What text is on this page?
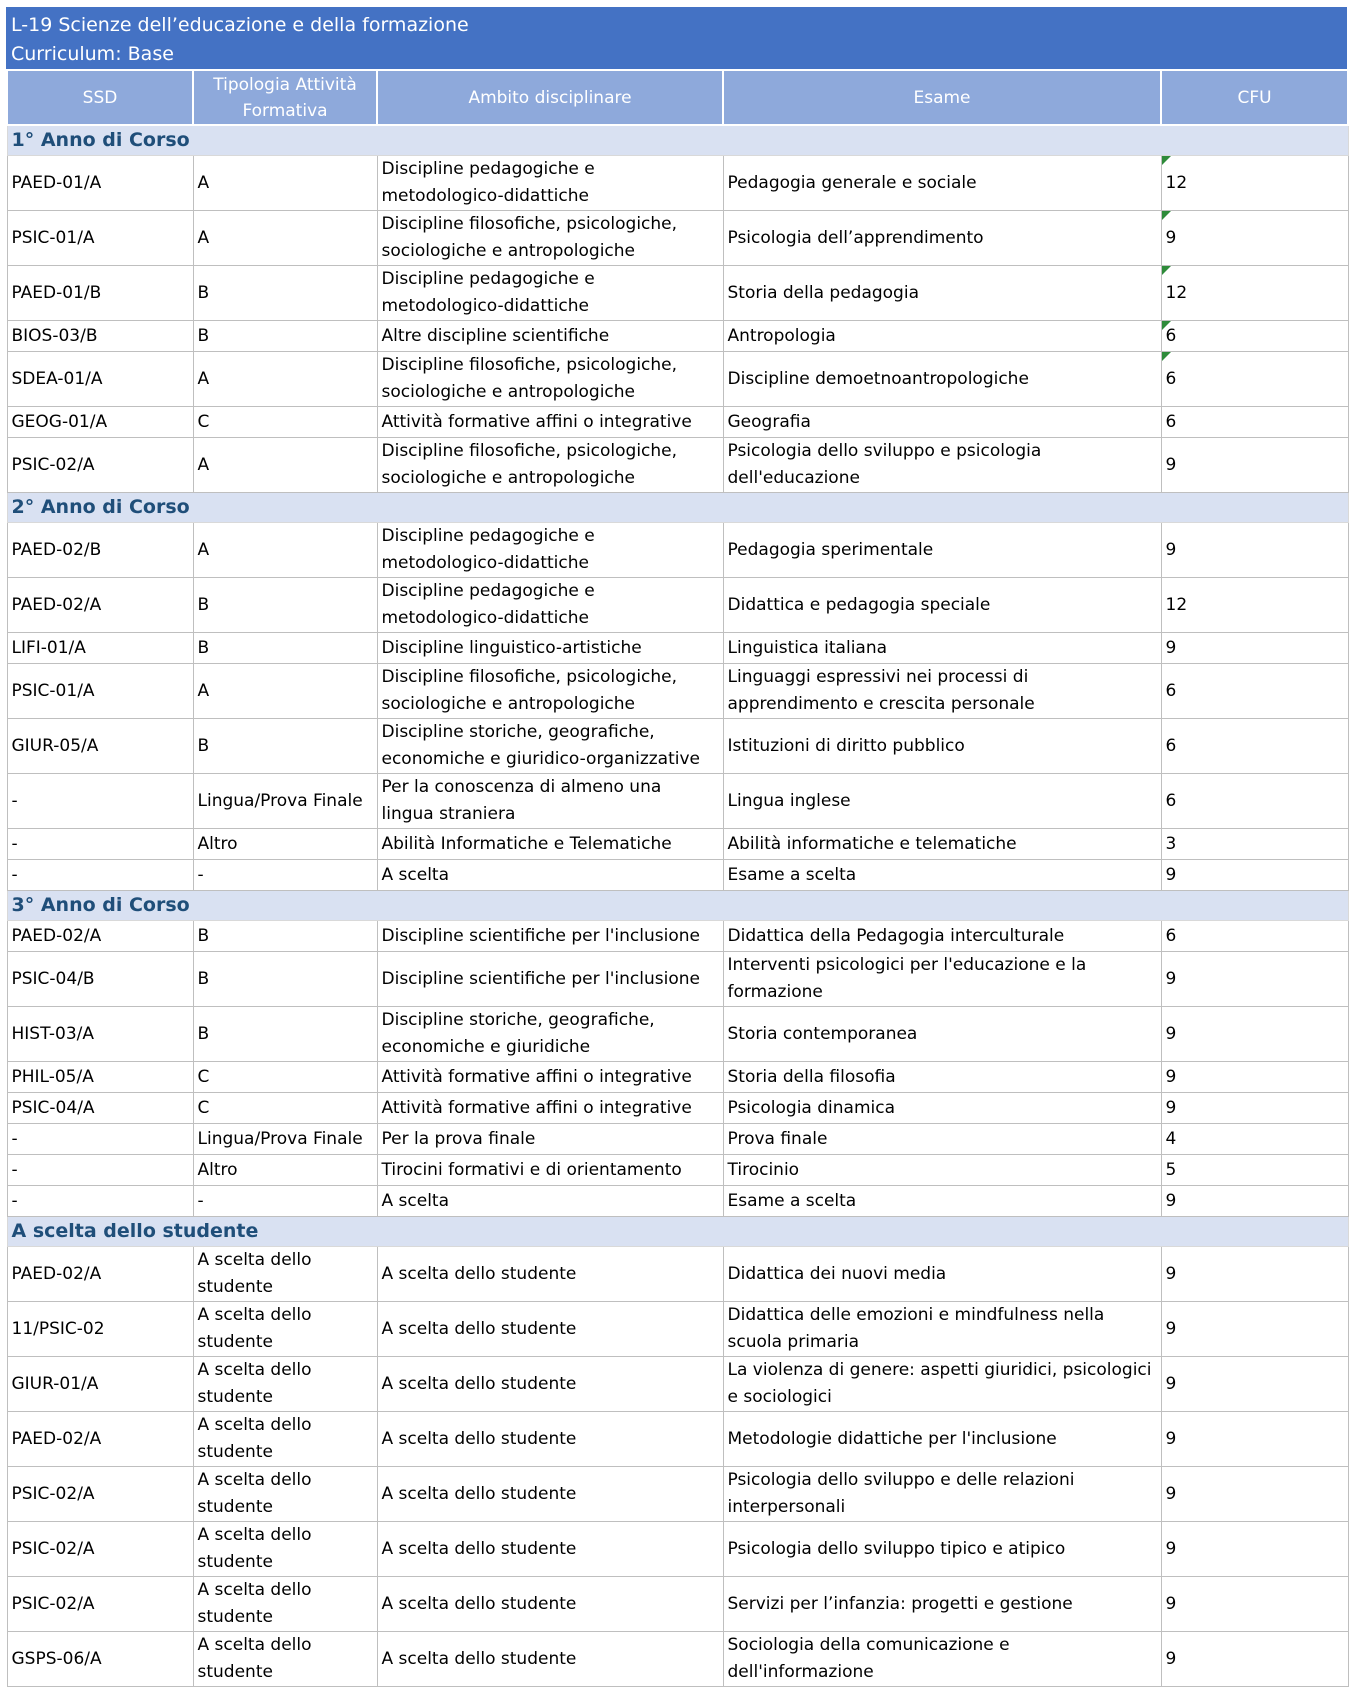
L-19 Scienze dell’educazione e della formazione
Curriculum: Base
SSD	Tipologia Attività Formativa	Ambito disciplinare	Esame	CFU
1° Anno di Corso				
PAED-01/A	A	Discipline pedagogiche e metodologico-didattiche	Pedagogia generale e sociale	12
PSIC-01/A	A	Discipline filosofiche, psicologiche, sociologiche e antropologiche	Psicologia dell’apprendimento	9
PAED-01/B	B	Discipline pedagogiche e metodologico-didattiche	Storia della pedagogia	12
BIOS-03/B	B	Altre discipline scientifiche	Antropologia	6
SDEA-01/A	A	Discipline filosofiche, psicologiche, sociologiche e antropologiche	Discipline demoetnoantropologiche	6
GEOG-01/A	C	Attività formative affini o integrative	Geografia	6
PSIC-02/A	A	Discipline filosofiche, psicologiche, sociologiche e antropologiche	Psicologia dello sviluppo e psicologia dell'educazione	9
2° Anno di Corso				
PAED-02/B	A	Discipline pedagogiche e metodologico-didattiche	Pedagogia sperimentale	9
PAED-02/A	B	Discipline pedagogiche e metodologico-didattiche	Didattica e pedagogia speciale	12
LIFI-01/A	B	Discipline linguistico-artistiche	Linguistica italiana	9
PSIC-01/A	A	Discipline filosofiche, psicologiche, sociologiche e antropologiche	Linguaggi espressivi nei processi di apprendimento e crescita personale	6
GIUR-05/A	B	Discipline storiche, geografiche, economiche e giuridico-organizzative	Istituzioni di diritto pubblico	6
-	Lingua/Prova Finale	Per la conoscenza di almeno una lingua straniera	Lingua inglese	6
-	Altro	Abilità Informatiche e Telematiche	Abilità informatiche e telematiche	3
-	-	A scelta	Esame a scelta	9
3° Anno di Corso				
PAED-02/A	B	Discipline scientifiche per l'inclusione	Didattica della Pedagogia interculturale	6
PSIC-04/B	B	Discipline scientifiche per l'inclusione	Interventi psicologici per l'educazione e la formazione	9
HIST-03/A	B	Discipline storiche, geografiche, economiche e giuridiche	Storia contemporanea	9
PHIL-05/A	C	Attività formative affini o integrative	Storia della filosofia	9
PSIC-04/A	C	Attività formative affini o integrative	Psicologia dinamica	9
-	Lingua/Prova Finale	Per la prova finale	Prova finale	4
-	Altro	Tirocini formativi e di orientamento	Tirocinio	5
-	-	A scelta	Esame a scelta	9
A scelta dello studente				
PAED-02/A	A scelta dello studente	A scelta dello studente	Didattica dei nuovi media	9
11/PSIC-02	A scelta dello studente	A scelta dello studente	Didattica delle emozioni e mindfulness nella scuola primaria	9
GIUR-01/A	A scelta dello studente	A scelta dello studente	La violenza di genere: aspetti giuridici, psicologici e sociologici	9
PAED-02/A	A scelta dello studente	A scelta dello studente	Metodologie didattiche per l'inclusione	9
PSIC-02/A	A scelta dello studente	A scelta dello studente	Psicologia dello sviluppo e delle relazioni interpersonali	9
PSIC-02/A	A scelta dello studente	A scelta dello studente	Psicologia dello sviluppo tipico e atipico	9
PSIC-02/A	A scelta dello studente	A scelta dello studente	Servizi per l’infanzia: progetti e gestione	9
GSPS-06/A	A scelta dello studente	A scelta dello studente	Sociologia della comunicazione e dell'informazione	9
